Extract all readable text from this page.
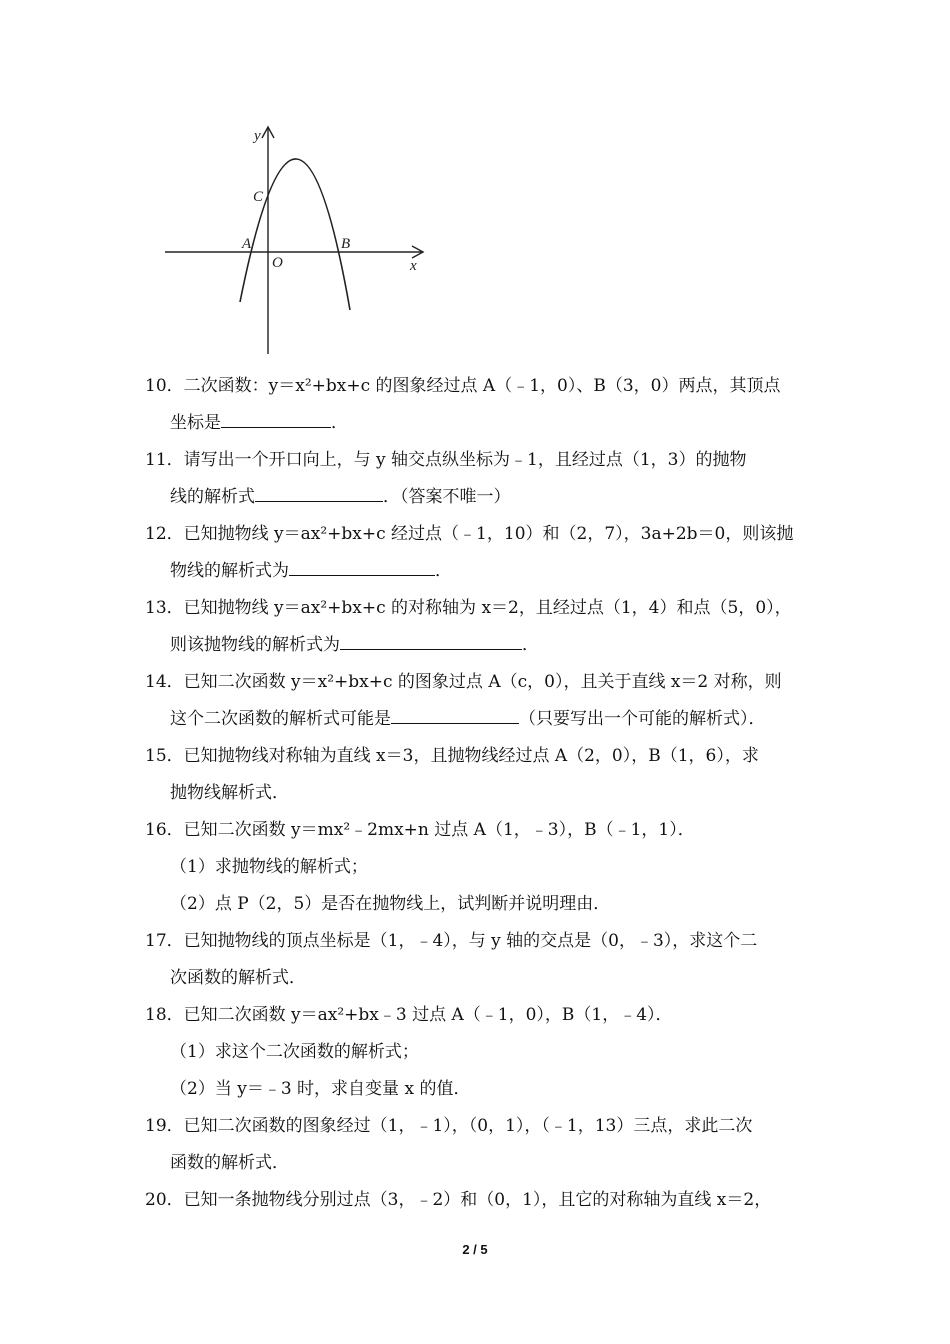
y
x
O
A	B
C
10．二次函数：y＝x²+bx+c 的图象经过点 A（﹣1，0）、B（3，0）两点，其顶点
坐标是	．
11．请写出一个开口向上，与 y 轴交点纵坐标为﹣1，且经过点（1，3）的抛物
线的解析式	．（答案不唯一）
12．已知抛物线 y＝ax²+bx+c 经过点（﹣1，10）和（2，7），3a+2b＝0，则该抛
物线的解析式为	．
13．已知抛物线 y＝ax²+bx+c 的对称轴为 x＝2，且经过点（1，4）和点（5，0），
则该抛物线的解析式为	．
14．已知二次函数 y＝x²+bx+c 的图象过点 A（c，0），且关于直线 x＝2 对称，则
这个二次函数的解析式可能是	（只要写出一个可能的解析式）．
15．已知抛物线对称轴为直线 x＝3，且抛物线经过点 A（2，0），B（1，6），求
抛物线解析式．
16．已知二次函数 y＝mx²﹣2mx+n 过点 A（1，﹣3），B（﹣1，1）．
（1）求抛物线的解析式；
（2）点 P（2，5）是否在抛物线上，试判断并说明理由．
17．已知抛物线的顶点坐标是（1，﹣4），与 y 轴的交点是（0，﹣3），求这个二
次函数的解析式．
18．已知二次函数 y＝ax²+bx﹣3 过点 A（﹣1，0），B（1，﹣4）．
（1）求这个二次函数的解析式；
（2）当 y＝﹣3 时，求自变量 x 的值．
19．已知二次函数的图象经过（1，﹣1），（0，1），（﹣1，13）三点，求此二次
函数的解析式．
20．已知一条抛物线分别过点（3，﹣2）和（0，1），且它的对称轴为直线 x＝2，
2 / 5
